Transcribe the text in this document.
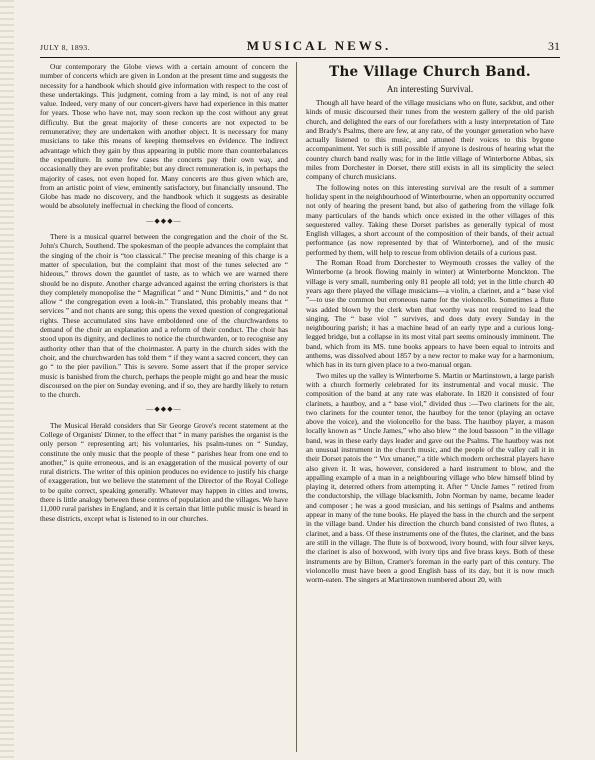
JULY 8, 1893.	MUSICAL NEWS.	31

Our contemporary the Globe views with a certain amount of concern the number of concerts which are given in London at the present time and suggests the necessity for a handbook which should give information with respect to the cost of these undertakings. This judgment, coming from a lay mind, is not of any real value. Indeed, very many of our concert-givers have had experience in this matter for years. Those who have not, may soon reckon up the cost without any great difficulty. But the great majority of these concerts are not expected to be remunerative; they are undertaken with another object. It is necessary for many musicians to take this means of keeping themselves en évidence. The indirect advantage which they gain by thus appearing in public more than counterbalances the expenditure. In some few cases the concerts pay their own way, and occasionally they are even profitable; but any direct remuneration is, in perhaps the majority of cases, not even hoped for. Many concerts are thus given which are, from an artistic point of view, eminently satisfactory, but financially unsound. The Globe has made no discovery, and the handbook which it suggests as desirable would be absolutely ineffectual in checking the flood of concerts.

—◆◆◆—

There is a musical quarrel between the congregation and the choir of the St. John's Church, Southend. The spokesman of the people advances the complaint that the singing of the choir is “too classical.” The precise meaning of this charge is a matter of speculation, but the complaint that most of the tunes selected are “ hideous,” throws down the gauntlet of taste, as to which we are warned there should be no dispute. Another charge advanced against the erring choristers is that they completely monopolise the “ Magnificat ” and “ Nunc Dimittis,” and “ do not allow “ the congregation even a look-in.” Translated, this probably means that “ services ” and not chants are sung; this opens the vexed question of congregational rights. These accumulated sins have emboldened one of the churchwardens to demand of the choir an explanation and a reform of their conduct. The choir has stood upon its dignity, and declines to notice the churchwarden, or to recognise any authority other than that of the choirmaster. A party in the church sides with the choir, and the churchwarden has told them “ if they want a sacred concert, they can go “ to the pier pavilion.” This is severe. Some assert that if the proper service music is banished from the church, perhaps the people might go and hear the music discoursed on the pier on Sunday evening, and if so, they are hardly likely to return to the church.

—◆◆◆—

The Musical Herald considers that Sir George Grove's recent statement at the College of Organists' Dinner, to the effect that “ in many parishes the organist is the only person “ representing art; his voluntaries, his psalm-tunes on “ Sunday, constitute the only music that the people of these “ parishes hear from one end to another,” is quite erroneous, and is an exaggeration of the musical poverty of our rural districts. The writer of this opinion produces no evidence to justify his charge of exaggeration, but we believe the statement of the Director of the Royal College to be quite correct, speaking generally. Whatever may happen in cities and towns, there is little analogy between these centres of population and the villages. We have 11,000 rural parishes in England, and it is certain that little public music is heard in these districts, except what is listened to in our churches.

The Village Church Band.
An interesting Survival.

Though all have heard of the village musicians who on flute, sackbut, and other kinds of music discoursed their tunes from the western gallery of the old parish church, and delighted the ears of our forefathers with a lusty interpretation of Tate and Brady's Psalms, there are few, at any rate, of the younger generation who have actually listened to this music, and attuned their voices to this bygone accompaniment. Yet such is still possible if anyone is desirous of hearing what the country church band really was; for in the little village of Winterborne Abbas, six miles from Dorchester in Dorset, there still exists in all its simplicity the select company of church musicians.

The following notes on this interesting survival are the result of a summer holiday spent in the neighbourhood of Winterbourne, when an opportunity occurred not only of hearing the present band, but also of gathering from the village folk many particulars of the bands which once existed in the other villages of this sequestered valley. Taking these Dorset parishes as generally typical of most English villages, a short account of the composition of their bands, of their actual performance (as now represented by that of Winterborne), and of the music performed by them, will help to rescue from oblivion details of a curious past.

The Roman Road from Dorchester to Weymouth crosses the valley of the Winterborne (a brook flowing mainly in winter) at Winterborne Monckton. The village is very small, numbering only 81 people all told; yet in the little church 40 years ago there played the village musicians—a violin, a clarinet, and a “ base viol ”—to use the common but erroneous name for the violoncello. Sometimes a flute was added blown by the clerk when that worthy was not required to lead the singing. The “ base viol ” survives, and does duty every Sunday in the neighbouring parish; it has a machine head of an early type and a curious long-legged bridge, but a collapse in its most vital part seems ominously imminent. The band, which from its MS. tune books appears to have been equal to introits and anthems, was dissolved about 1857 by a new rector to make way for a harmonium, which has in its turn given place to a two-manual organ.

Two miles up the valley is Winterborne S. Martin or Martinstown, a large parish with a church formerly celebrated for its instrumental and vocal music. The composition of the band at any rate was elaborate. In 1820 it consisted of four clarinets, a hautboy, and a “ base viol,” divided thus :—Two clarinets for the air, two clarinets for the counter tenor, the hautboy for the tenor (playing an octave above the voice), and the violoncello for the bass. The hautboy player, a mason locally known as “ Uncle James,” who also blew “ the loud bassoon ” in the village band, was in these early days leader and gave out the Psalms. The hautboy was not an unusual instrument in the church music, and the people of the valley call it in their Dorset patois the “ Vox umaner,” a title which modern orchestral players have also given it. It was, however, considered a hard instrument to blow, and the appalling example of a man in a neighbouring village who blew himself blind by playing it, deterred others from attempting it. After “ Uncle James ” retired from the conductorship, the village blacksmith, John Norman by name, became leader and composer ; he was a good musician, and his settings of Psalms and anthems appear in many of the tune books. He played the bass in the church and the serpent in the village band. Under his direction the church band consisted of two flutes, a clarinet, and a bass. Of these instruments one of the flutes, the clarinet, and the bass are still in the village. The flute is of boxwood, ivory bound, with four silver keys, the clarinet is also of boxwood, with ivory tips and five brass keys. Both of these instruments are by Bilton, Cramer's foreman in the early part of this century. The violoncello must have been a good English bass of its day, but it is now much worm-eaten. The singers at Martinstown numbered about 20, with
